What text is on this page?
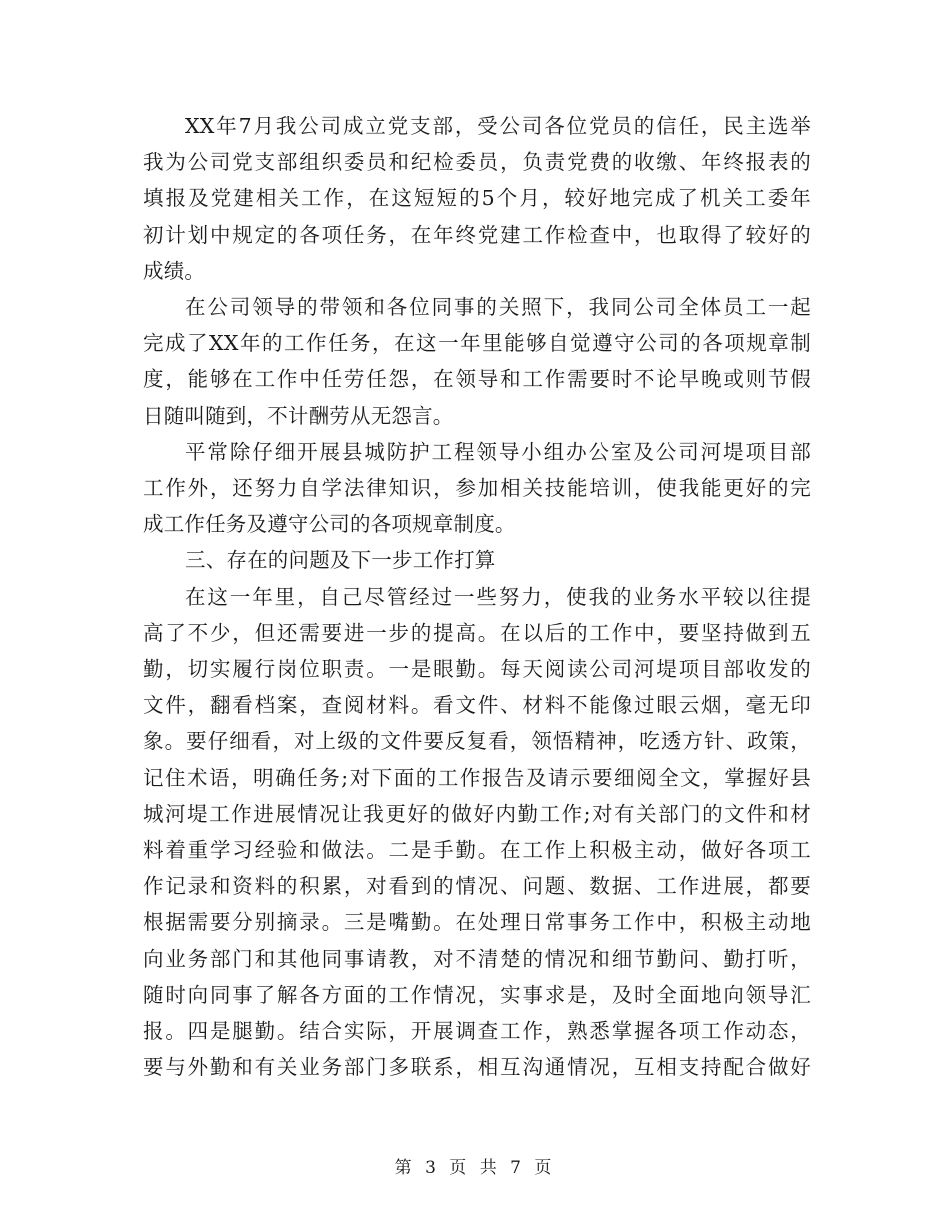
XX年7月我公司成立党支部，受公司各位党员的信任，民主选举
我为公司党支部组织委员和纪检委员，负责党费的收缴、年终报表的
填报及党建相关工作，在这短短的5个月，较好地完成了机关工委年
初计划中规定的各项任务，在年终党建工作检查中，也取得了较好的
成绩。

在公司领导的带领和各位同事的关照下，我同公司全体员工一起
完成了XX年的工作任务，在这一年里能够自觉遵守公司的各项规章制
度，能够在工作中任劳任怨，在领导和工作需要时不论早晚或则节假
日随叫随到，不计酬劳从无怨言。

平常除仔细开展县城防护工程领导小组办公室及公司河堤项目部
工作外，还努力自学法律知识，参加相关技能培训，使我能更好的完
成工作任务及遵守公司的各项规章制度。

三、存在的问题及下一步工作打算

在这一年里，自己尽管经过一些努力，使我的业务水平较以往提
高了不少，但还需要进一步的提高。在以后的工作中，要坚持做到五
勤，切实履行岗位职责。一是眼勤。每天阅读公司河堤项目部收发的
文件，翻看档案，查阅材料。看文件、材料不能像过眼云烟，毫无印
象。要仔细看，对上级的文件要反复看，领悟精神，吃透方针、政策，
记住术语，明确任务;对下面的工作报告及请示要细阅全文，掌握好县
城河堤工作进展情况让我更好的做好内勤工作;对有关部门的文件和材
料着重学习经验和做法。二是手勤。在工作上积极主动，做好各项工
作记录和资料的积累，对看到的情况、问题、数据、工作进展，都要
根据需要分别摘录。三是嘴勤。在处理日常事务工作中，积极主动地
向业务部门和其他同事请教，对不清楚的情况和细节勤问、勤打听，
随时向同事了解各方面的工作情况，实事求是，及时全面地向领导汇
报。四是腿勤。结合实际，开展调查工作，熟悉掌握各项工作动态，
要与外勤和有关业务部门多联系，相互沟通情况，互相支持配合做好

第 3 页 共 7 页
